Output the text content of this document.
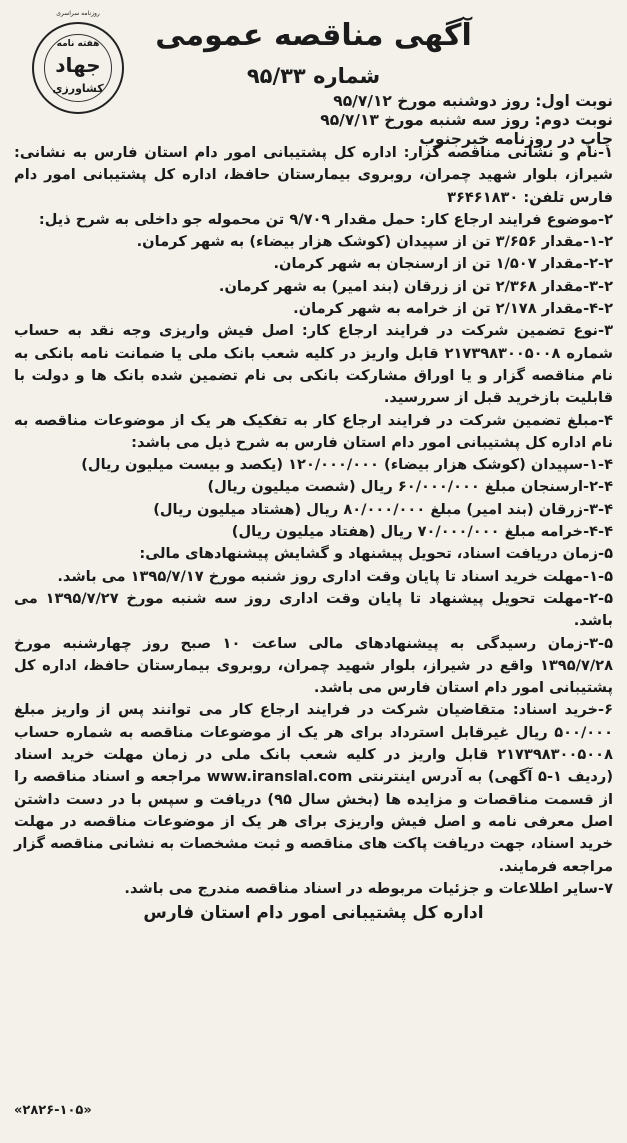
آگهی مناقصه عمومی
شماره ۹۵/۳۳
نوبت اول: روز دوشنبه مورخ ۹۵/۷/۱۲
نوبت دوم: روز سه شنبه مورخ ۹۵/۷/۱۳
چاپ در روزنامه خبرجنوب
روزنامه سراسری
هفته نامه
جهاد
کشاورزی

۱-نام و نشانی مناقصه گزار: اداره کل پشتیبانی امور دام استان فارس به نشانی: شیراز، بلوار شهید چمران، روبروی بیمارستان حافظ، اداره کل پشتیبانی امور دام فارس تلفن: ۳۶۴۶۱۸۳۰

۲-موضوع فرایند ارجاع کار: حمل مقدار ۹/۷۰۹ تن محموله جو داخلی به شرح ذیل:

۱-۲-مقدار ۳/۶۵۶ تن از سپیدان (کوشک هزار بیضاء) به شهر کرمان.

۲-۲-مقدار ۱/۵۰۷ تن از ارسنجان به شهر کرمان.

۳-۲-مقدار ۲/۳۶۸ تن از زرقان (بند امیر) به شهر کرمان.

۴-۲-مقدار ۲/۱۷۸ تن از خرامه به شهر کرمان.

۳-نوع تضمین شرکت در فرایند ارجاع کار: اصل فیش واریزی وجه نقد به حساب شماره ۲۱۷۳۹۸۳۰۰۵۰۰۸ قابل واریز در کلیه شعب بانک ملی یا ضمانت نامه بانکی به نام مناقصه گزار و یا اوراق مشارکت بانکی بی نام تضمین شده بانک ها و دولت با قابلیت بازخرید قبل از سررسید.

۴-مبلغ تضمین شرکت در فرایند ارجاع کار به تفکیک هر یک از موضوعات مناقصه به نام اداره کل پشتیبانی امور دام استان فارس به شرح ذیل می باشد:

۱-۴-سپیدان (کوشک هزار بیضاء) ۱۲۰/۰۰۰/۰۰۰ (یکصد و بیست میلیون ریال)

۲-۴-ارسنجان مبلغ ۶۰/۰۰۰/۰۰۰ ریال (شصت میلیون ریال)

۳-۴-زرقان (بند امیر) مبلغ ۸۰/۰۰۰/۰۰۰ ریال (هشتاد میلیون ریال)

۴-۴-خرامه مبلغ ۷۰/۰۰۰/۰۰۰ ریال (هفتاد میلیون ریال)

۵-زمان دریافت اسناد، تحویل پیشنهاد و گشایش پیشنهادهای مالی:

۱-۵-مهلت خرید اسناد تا پایان وقت اداری روز شنبه مورخ ۱۳۹۵/۷/۱۷ می باشد.

۲-۵-مهلت تحویل پیشنهاد تا پایان وقت اداری روز سه شنبه مورخ ۱۳۹۵/۷/۲۷ می باشد.

۳-۵-زمان رسیدگی به پیشنهادهای مالی ساعت ۱۰ صبح روز چهارشنبه مورخ ۱۳۹۵/۷/۲۸ واقع در شیراز، بلوار شهید چمران، روبروی بیمارستان حافظ، اداره کل پشتیبانی امور دام استان فارس می باشد.

۶-خرید اسناد: متقاضیان شرکت در فرایند ارجاع کار می توانند پس از واریز مبلغ ۵۰۰/۰۰۰ ریال غیرقابل استرداد برای هر یک از موضوعات مناقصه به شماره حساب ۲۱۷۳۹۸۳۰۰۵۰۰۸ قابل واریز در کلیه شعب بانک ملی در زمان مهلت خرید اسناد (ردیف ۱-۵ آگهی) به آدرس اینترنتی www.iranslal.com مراجعه و اسناد مناقصه را از قسمت مناقصات و مزایده ها (بخش سال ۹۵) دریافت و سپس با در دست داشتن اصل معرفی نامه و اصل فیش واریزی برای هر یک از موضوعات مناقصه در مهلت خرید اسناد، جهت دریافت پاکت های مناقصه و ثبت مشخصات به نشانی مناقصه گزار مراجعه فرمایند.

۷-سایر اطلاعات و جزئیات مربوطه در اسناد مناقصه مندرج می باشد.

اداره کل پشتیبانی امور دام استان فارس
«۲۸۲۶-۱۰۵»
